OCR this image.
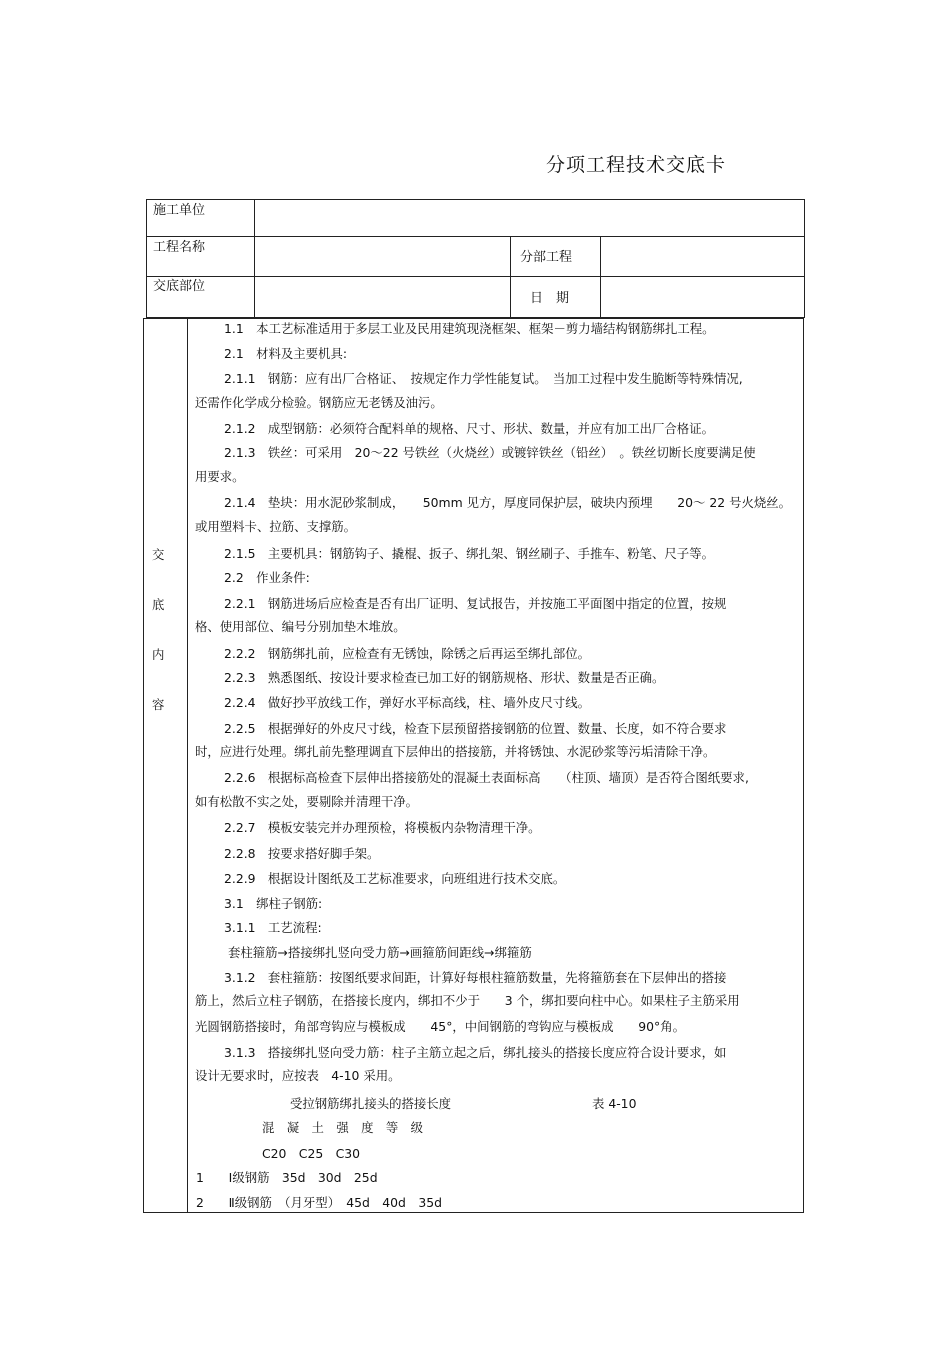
分项工程技术交底卡
施工单位
工程名称
分部工程
交底部位
日　期
交
底
内
容
1.1　本工艺标准适用于多层工业及民用建筑现浇框架、框架－剪力墙结构钢筋绑扎工程。
2.1　材料及主要机具:
2.1.1　钢筋：应有出厂合格证、　按规定作力学性能复试。　当加工过程中发生脆断等特殊情况,
还需作化学成分检验。钢筋应无老锈及油污。
2.1.2　成型钢筋：必须符合配料单的规格、尺寸、形状、数量，并应有加工出厂合格证。
2.1.3　铁丝：可采用　20～22 号铁丝（火烧丝）或镀锌铁丝（铅丝）　。铁丝切断长度要满足使
用要求。
2.1.4　垫块：用水泥砂浆制成，　　50mm 见方，厚度同保护层，破块内预埋　　20～ 22 号火烧丝。
或用塑料卡、拉筋、支撑筋。
2.1.5　主要机具：钢筋钩子、撬棍、扳子、绑扎架、钢丝刷子、手推车、粉笔、尺子等。
2.2　作业条件:
2.2.1　钢筋进场后应检查是否有出厂证明、复试报告，并按施工平面图中指定的位置，按规
格、使用部位、编号分别加垫木堆放。
2.2.2　钢筋绑扎前，应检查有无锈蚀，除锈之后再运至绑扎部位。
2.2.3　熟悉图纸、按设计要求检查已加工好的钢筋规格、形状、数量是否正确。
2.2.4　做好抄平放线工作，弹好水平标高线，柱、墙外皮尺寸线。
2.2.5　根据弹好的外皮尺寸线，检查下层预留搭接钢筋的位置、数量、长度，如不符合要求
时，应进行处理。绑扎前先整理调直下层伸出的搭接筋，并将锈蚀、水泥砂浆等污垢清除干净。
2.2.6　根据标高检查下层伸出搭接筋处的混凝土表面标高　　（柱顶、墙顶）是否符合图纸要求,
如有松散不实之处，要剔除并清理干净。
2.2.7　模板安装完并办理预检，将模板内杂物清理干净。
2.2.8　按要求搭好脚手架。
2.2.9　根据设计图纸及工艺标准要求，向班组进行技术交底。
3.1　绑柱子钢筋:
3.1.1　工艺流程:
套柱箍筋→搭接绑扎竖向受力筋→画箍筋间距线→绑箍筋
3.1.2　套柱箍筋：按图纸要求间距，计算好每根柱箍筋数量，先将箍筋套在下层伸出的搭接
筋上，然后立柱子钢筋，在搭接长度内，绑扣不少于　　3 个，绑扣要向柱中心。如果柱子主筋采用
光圆钢筋搭接时，角部弯钩应与模板成　　45°，中间钢筋的弯钩应与模板成　　90°角。
3.1.3　搭接绑扎竖向受力筋：柱子主筋立起之后，绑扎接头的搭接长度应符合设计要求，如
设计无要求时，应按表　4-10 采用。
受拉钢筋绑扎接头的搭接长度	表 4-10
混　凝　土　强　度　等　级
C20　C25　C30
1　　Ⅰ级钢筋　35d　30d　25d
2　　Ⅱ级钢筋　（月牙型）　45d　40d　35d
